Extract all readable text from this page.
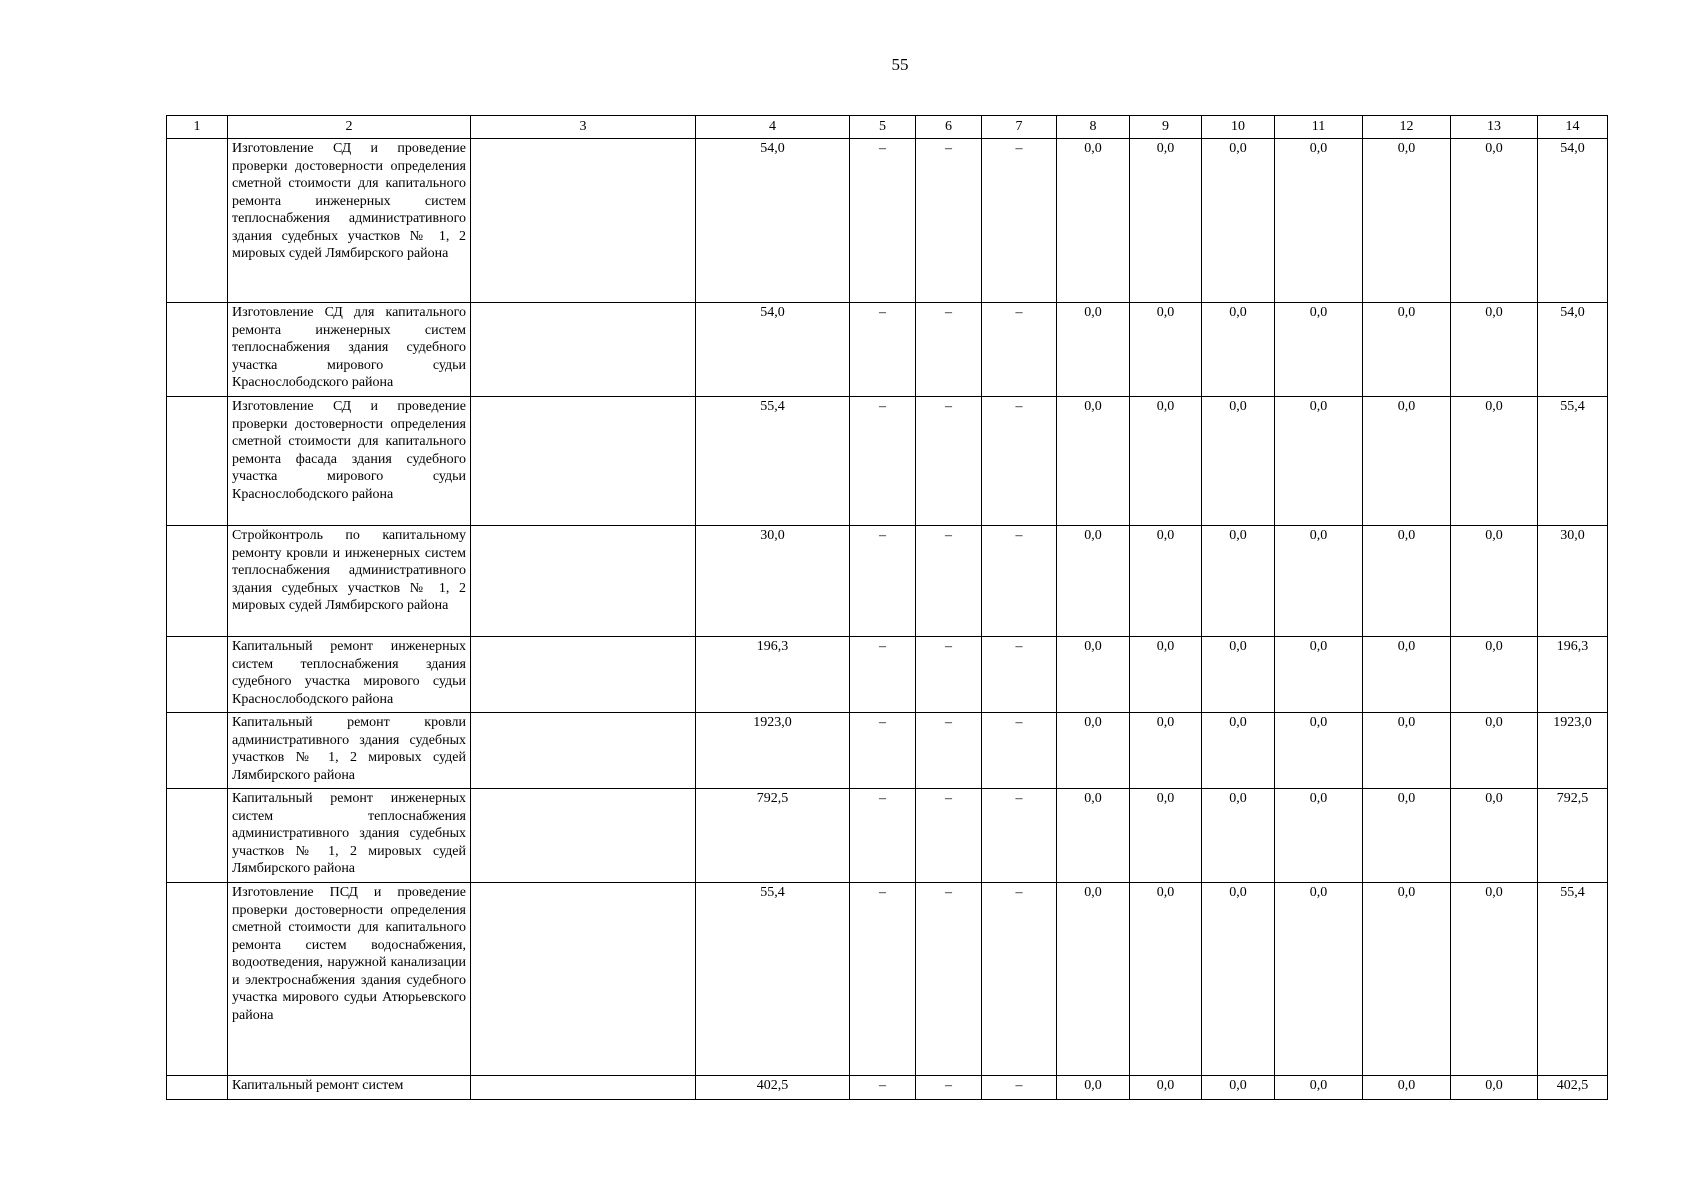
55
1	2	3	4	5	6	7	8	9	10	11	12	13	14
	Изготовление СД и проведение проверки достоверности определения сметной стоимости для капитального ремонта инженерных систем теплоснабжения административного здания судебных участков № 1, 2 мировых судей Лямбирского района		54,0	–	–	–	0,0	0,0	0,0	0,0	0,0	0,0	54,0
	Изготовление СД для капитального ремонта инженерных систем теплоснабжения здания судебного участка мирового судьи Краснослободского района		54,0	–	–	–	0,0	0,0	0,0	0,0	0,0	0,0	54,0
	Изготовление СД и проведение проверки достоверности определения сметной стоимости для капитального ремонта фасада здания судебного участка мирового судьи Краснослободского района		55,4	–	–	–	0,0	0,0	0,0	0,0	0,0	0,0	55,4
	Стройконтроль по капитальному ремонту кровли и инженерных систем теплоснабжения административного здания судебных участков № 1, 2 мировых судей Лямбирского района		30,0	–	–	–	0,0	0,0	0,0	0,0	0,0	0,0	30,0
	Капитальный ремонт инженерных систем теплоснабжения здания судебного участка мирового судьи Краснослободского района		196,3	–	–	–	0,0	0,0	0,0	0,0	0,0	0,0	196,3
	Капитальный ремонт кровли административного здания судебных участков № 1, 2 мировых судей Лямбирского района		1923,0	–	–	–	0,0	0,0	0,0	0,0	0,0	0,0	1923,0
	Капитальный ремонт инженерных систем теплоснабжения административного здания судебных участков № 1, 2 мировых судей Лямбирского района		792,5	–	–	–	0,0	0,0	0,0	0,0	0,0	0,0	792,5
	Изготовление ПСД и проведение проверки достоверности определения сметной стоимости для капитального ремонта систем водоснабжения, водоотведения, наружной канализации и электроснабжения здания судебного участка мирового судьи Атюрьевского района		55,4	–	–	–	0,0	0,0	0,0	0,0	0,0	0,0	55,4
	Капитальный ремонт систем		402,5	–	–	–	0,0	0,0	0,0	0,0	0,0	0,0	402,5
